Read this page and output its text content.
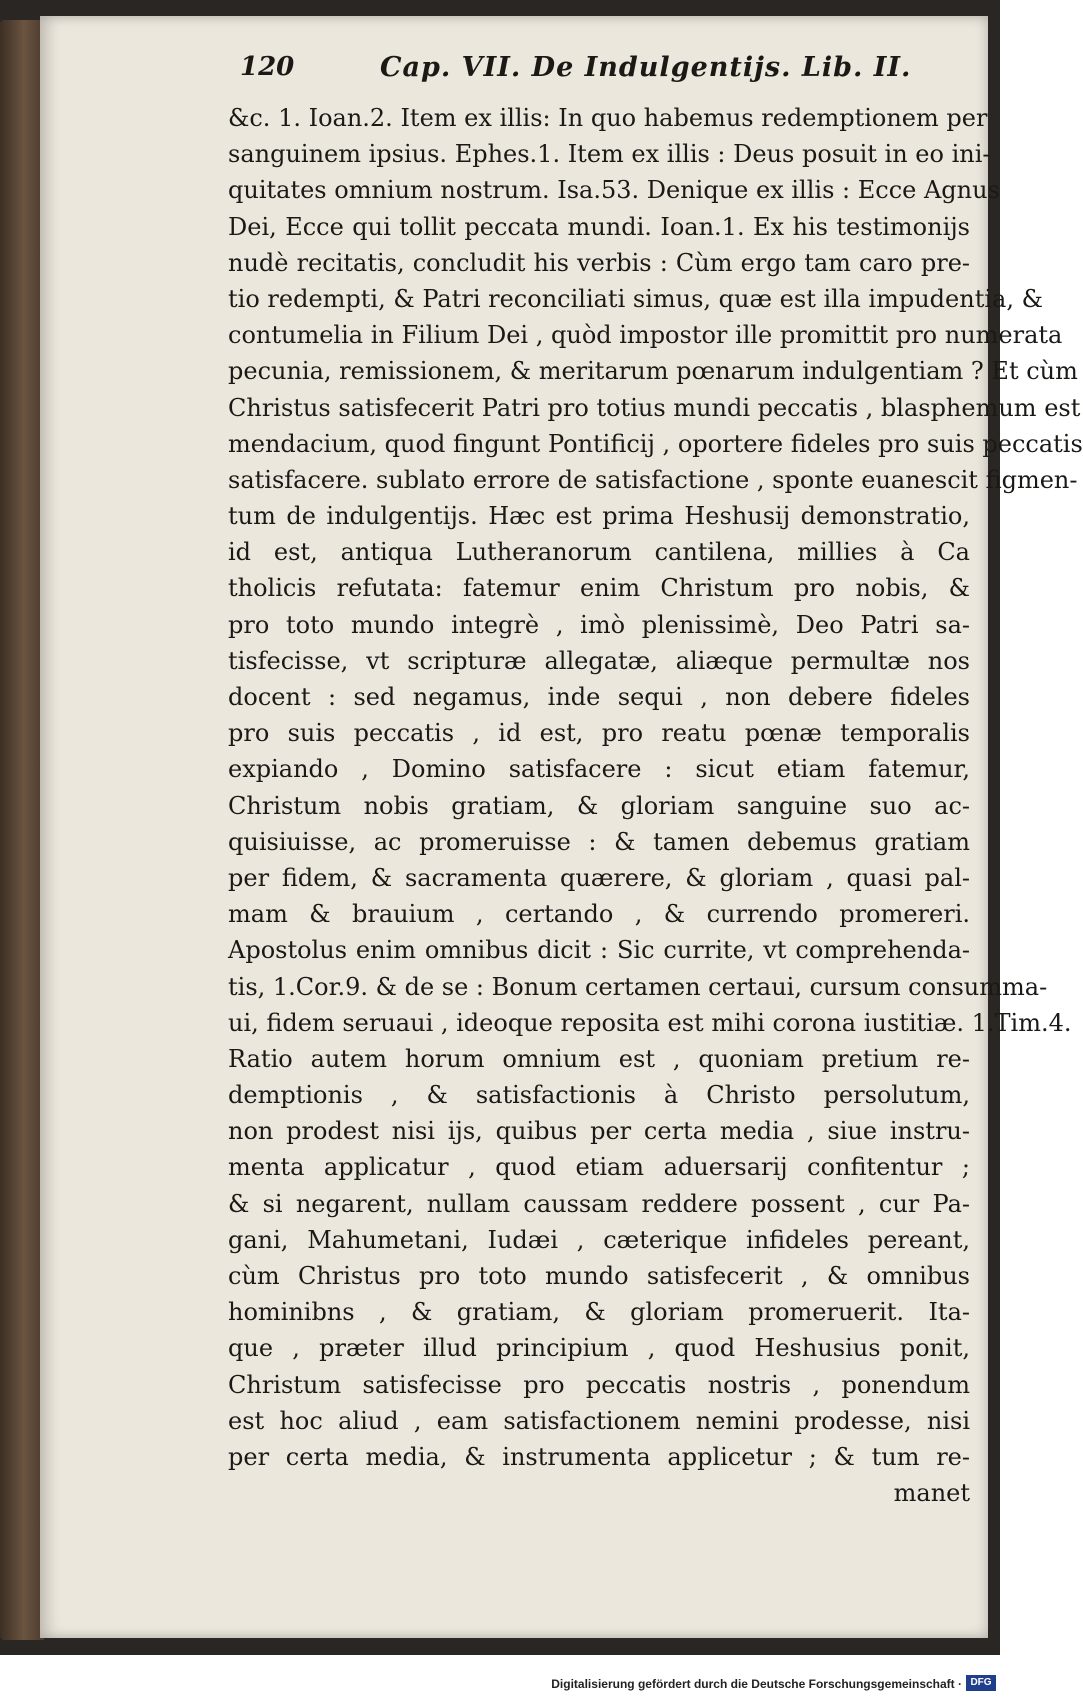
120	Cap. VII. De Indulgentijs. Lib. II.
&c. 1. Ioan.2. Item ex illis: In quo habemus redemptionem per
sanguinem ipsius. Ephes.1. Item ex illis : Deus posuit in eo ini-
quitates omnium nostrum. Isa.53. Denique ex illis : Ecce Agnus
Dei, Ecce qui tollit peccata mundi. Ioan.1. Ex his testimonijs
nudè recitatis, concludit his verbis : Cùm ergo tam caro pre-
tio redempti, & Patri reconciliati simus, quæ est illa impudentia, &
contumelia in Filium Dei , quòd impostor ille promittit pro numerata
pecunia, remissionem, & meritarum pœnarum indulgentiam ? Et cùm
Christus satisfecerit Patri pro totius mundi peccatis , blasphemum est
mendacium, quod fingunt Pontificij , oportere fideles pro suis peccatis
satisfacere. sublato errore de satisfactione , sponte euanescit figmen-
tum de indulgentijs. Hæc est prima Heshusij demonstratio,
id est, antiqua Lutheranorum cantilena, millies à Ca
tholicis refutata: fatemur enim Christum pro nobis, &
pro toto mundo integrè , imò plenissimè, Deo Patri sa-
tisfecisse, vt scripturæ allegatæ, aliæque permultæ nos
docent : sed negamus, inde sequi , non debere fideles
pro suis peccatis , id est, pro reatu pœnæ temporalis
expiando , Domino satisfacere : sicut etiam fatemur,
Christum nobis gratiam, & gloriam sanguine suo ac-
quisiuisse, ac promeruisse : & tamen debemus gratiam
per fidem, & sacramenta quærere, & gloriam , quasi pal-
mam & brauium , certando , & currendo promereri.
Apostolus enim omnibus dicit : Sic currite, vt comprehenda-
tis, 1.Cor.9. & de se : Bonum certamen certaui, cursum consumma-
ui, fidem seruaui , ideoque reposita est mihi corona iustitiæ. 1.Tim.4.
Ratio autem horum omnium est , quoniam pretium re-
demptionis , & satisfactionis à Christo persolutum,
non prodest nisi ijs, quibus per certa media , siue instru-
menta applicatur , quod etiam aduersarij confitentur ;
& si negarent, nullam caussam reddere possent , cur Pa-
gani, Mahumetani, Iudæi , cæterique infideles pereant,
cùm Christus pro toto mundo satisfecerit , & omnibus
hominibns , & gratiam, & gloriam promeruerit. Ita-
que , præter illud principium , quod Heshusius ponit,
Christum satisfecisse pro peccatis nostris , ponendum
est hoc aliud , eam satisfactionem nemini prodesse, nisi
per certa media, & instrumenta applicetur ; & tum re-
manet
Digitalisierung gefördert durch die Deutsche Forschungsgemeinschaft · DFG
